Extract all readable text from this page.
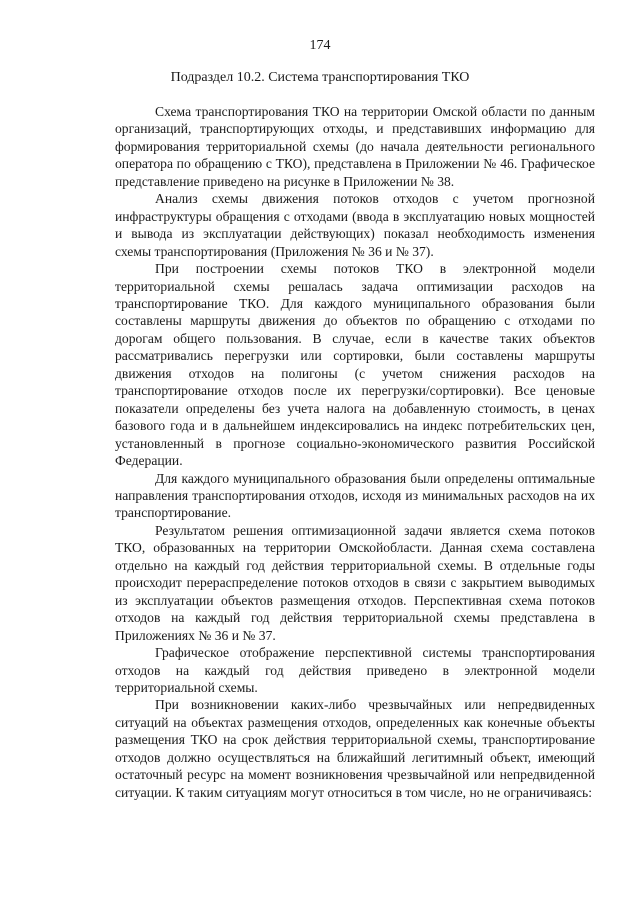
174
Подраздел 10.2. Система транспортирования ТКО

Схема транспортирования ТКО на территории Омской области по данным организаций, транспортирующих отходы, и представивших информацию для формирования территориальной схемы (до начала деятельности регионального оператора по обращению с ТКО), представлена в Приложении № 46. Графическое представление приведено на рисунке в Приложении № 38.

Анализ схемы движения потоков отходов с учетом прогнозной инфраструктуры обращения с отходами (ввода в эксплуатацию новых мощностей и вывода из эксплуатации действующих) показал необходимость изменения схемы транспортирования (Приложения № 36 и № 37).

При построении схемы потоков ТКО в электронной модели территориальной схемы решалась задача оптимизации расходов на транспортирование ТКО. Для каждого муниципального образования были составлены маршруты движения до объектов по обращению с отходами по дорогам общего пользования. В случае, если в качестве таких объектов рассматривались перегрузки или сортировки, были составлены маршруты движения отходов на полигоны (с учетом снижения расходов на транспортирование отходов после их перегрузки/сортировки). Все ценовые показатели определены без учета налога на добавленную стоимость, в ценах базового года и в дальнейшем индексировались на индекс потребительских цен, установленный в прогнозе социально-экономического развития Российской Федерации.

Для каждого муниципального образования были определены оптимальные направления транспортирования отходов, исходя из минимальных расходов на их транспортирование.

Результатом решения оптимизационной задачи является схема потоков ТКО, образованных на территории Омскойобласти. Данная схема составлена отдельно на каждый год действия территориальной схемы. В отдельные годы происходит перераспределение потоков отходов в связи с закрытием выводимых из эксплуатации объектов размещения отходов. Перспективная схема потоков отходов на каждый год действия территориальной схемы представлена в Приложениях № 36 и № 37.

Графическое отображение перспективной системы транспортирования отходов на каждый год действия приведено в электронной модели территориальной схемы.

При возникновении каких-либо чрезвычайных или непредвиденных ситуаций на объектах размещения отходов, определенных как конечные объекты размещения ТКО на срок действия территориальной схемы, транспортирование отходов должно осуществляться на ближайший легитимный объект, имеющий остаточный ресурс на момент возникновения чрезвычайной или непредвиденной ситуации. К таким ситуациям могут относиться в том числе, но не ограничиваясь:
